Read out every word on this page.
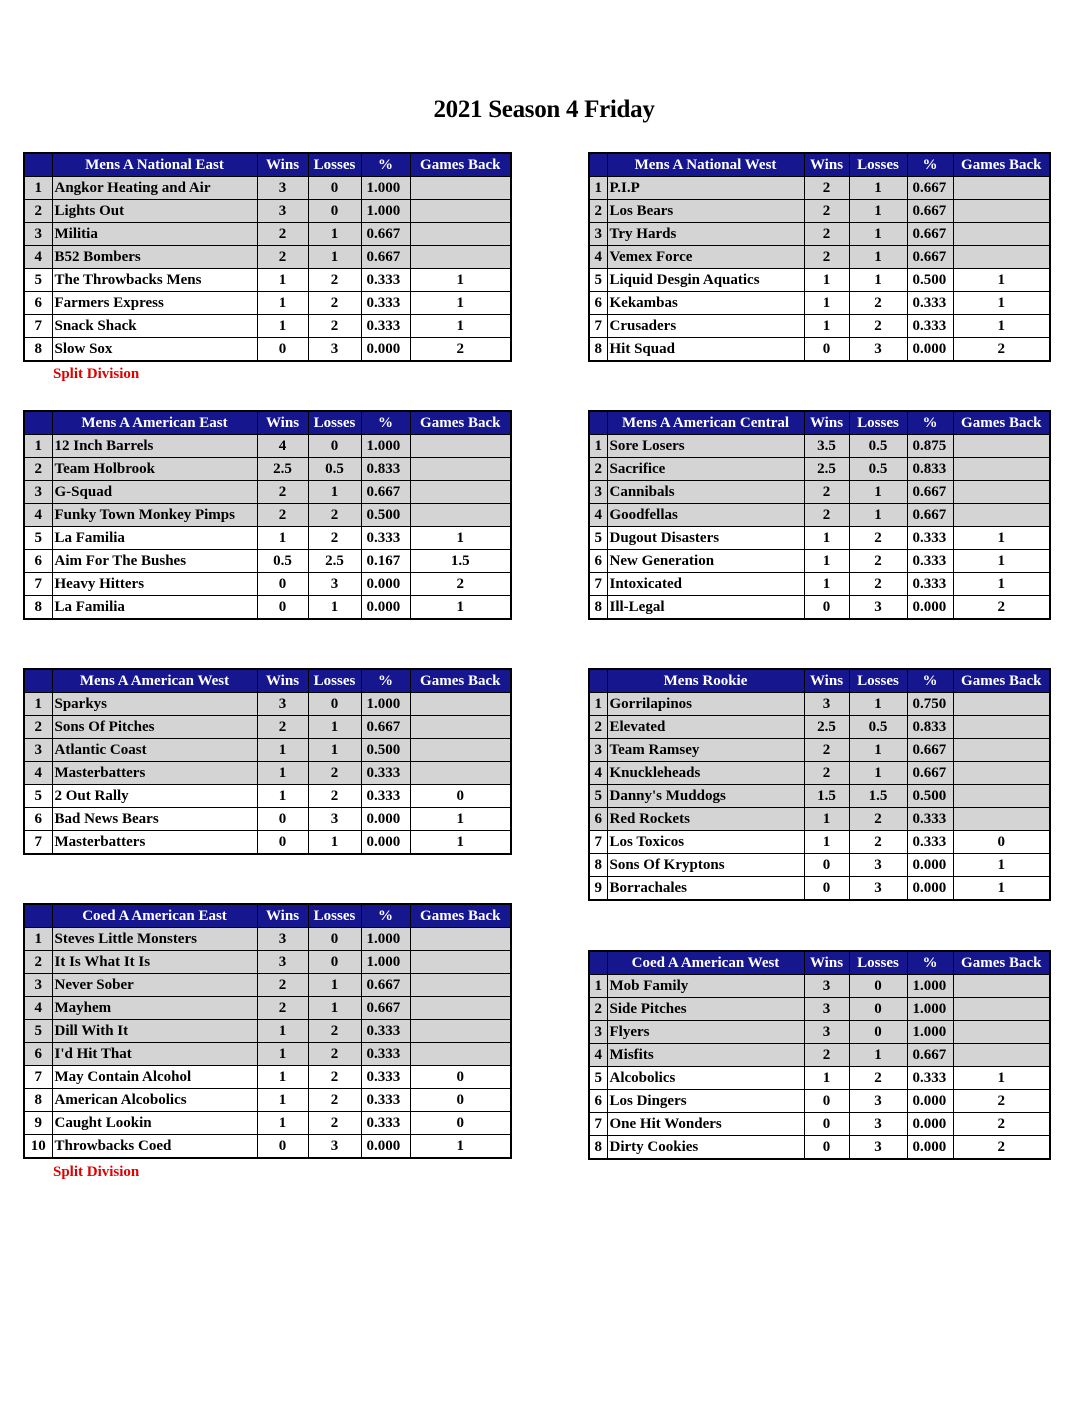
2021 Season 4 Friday
	Mens A National East	Wins	Losses	%	Games Back
1	Angkor Heating and Air	3	0	1.000	
2	Lights Out	3	0	1.000	
3	Militia	2	1	0.667	
4	B52 Bombers	2	1	0.667	
5	The Throwbacks Mens	1	2	0.333	1
6	Farmers Express	1	2	0.333	1
7	Snack Shack	1	2	0.333	1
8	Slow Sox	0	3	0.000	2
	Mens A National West	Wins	Losses	%	Games Back
1	P.I.P	2	1	0.667	
2	Los Bears	2	1	0.667	
3	Try Hards	2	1	0.667	
4	Vemex Force	2	1	0.667	
5	Liquid Desgin Aquatics	1	1	0.500	1
6	Kekambas	1	2	0.333	1
7	Crusaders	1	2	0.333	1
8	Hit Squad	0	3	0.000	2
Split Division
	Mens A American East	Wins	Losses	%	Games Back
1	12 Inch Barrels	4	0	1.000	
2	Team Holbrook	2.5	0.5	0.833	
3	G-Squad	2	1	0.667	
4	Funky Town Monkey Pimps	2	2	0.500	
5	La Familia	1	2	0.333	1
6	Aim For The Bushes	0.5	2.5	0.167	1.5
7	Heavy Hitters	0	3	0.000	2
8	La Familia	0	1	0.000	1
	Mens A American Central	Wins	Losses	%	Games Back
1	Sore Losers	3.5	0.5	0.875	
2	Sacrifice	2.5	0.5	0.833	
3	Cannibals	2	1	0.667	
4	Goodfellas	2	1	0.667	
5	Dugout Disasters	1	2	0.333	1
6	New Generation	1	2	0.333	1
7	Intoxicated	1	2	0.333	1
8	Ill-Legal	0	3	0.000	2
	Mens A American West	Wins	Losses	%	Games Back
1	Sparkys	3	0	1.000	
2	Sons Of Pitches	2	1	0.667	
3	Atlantic Coast	1	1	0.500	
4	Masterbatters	1	2	0.333	
5	2 Out Rally	1	2	0.333	0
6	Bad News Bears	0	3	0.000	1
7	Masterbatters	0	1	0.000	1
	Mens Rookie	Wins	Losses	%	Games Back
1	Gorrilapinos	3	1	0.750	
2	Elevated	2.5	0.5	0.833	
3	Team Ramsey	2	1	0.667	
4	Knuckleheads	2	1	0.667	
5	Danny's Muddogs	1.5	1.5	0.500	
6	Red Rockets	1	2	0.333	
7	Los Toxicos	1	2	0.333	0
8	Sons Of Kryptons	0	3	0.000	1
9	Borrachales	0	3	0.000	1
	Coed A American East	Wins	Losses	%	Games Back
1	Steves Little Monsters	3	0	1.000	
2	It Is What It Is	3	0	1.000	
3	Never Sober	2	1	0.667	
4	Mayhem	2	1	0.667	
5	Dill With It	1	2	0.333	
6	I'd Hit That	1	2	0.333	
7	May Contain Alcohol	1	2	0.333	0
8	American Alcobolics	1	2	0.333	0
9	Caught Lookin	1	2	0.333	0
10	Throwbacks Coed	0	3	0.000	1
	Coed A American West	Wins	Losses	%	Games Back
1	Mob Family	3	0	1.000	
2	Side Pitches	3	0	1.000	
3	Flyers	3	0	1.000	
4	Misfits	2	1	0.667	
5	Alcobolics	1	2	0.333	1
6	Los Dingers	0	3	0.000	2
7	One Hit Wonders	0	3	0.000	2
8	Dirty Cookies	0	3	0.000	2
Split Division
